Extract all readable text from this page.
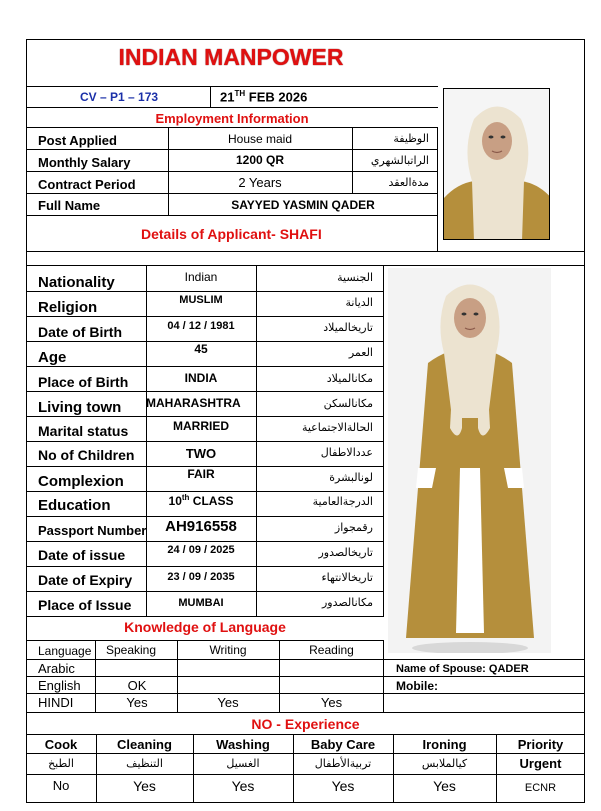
INDIAN MANPOWER
CV – P1 – 173	21TH FEB 2026
Employment Information
Post Applied	House maid	الوظيفة
Monthly Salary	1200 QR	الراتبالشهري
Contract Period	2 Years	مدةالعقد
Full Name	SAYYED YASMIN QADER
Details of Applicant- SHAFI
Nationality	Indian	الجنسية
Religion	MUSLIM	الديانة
Date of Birth	04 / 12 / 1981	تاريخالميلاد
Age	45	العمر
Place of Birth	INDIA	مكانالميلاد
Living town MAHARASHTRA	مكانالسكن
Marital status	MARRIED	الحالةالاجتماعية
No of Children	TWO	عددالاطفال
Complexion	FAIR	لونالبشرة
Education	10th CLASS	الدرجةالعامية
Passport Number	AH916558	رقمجواز
Date of issue	24 / 09 / 2025	تاريخالصدور
Date of Expiry	23 / 09 / 2035	تاريخالانتهاء
Place of Issue	MUMBAI	مكانالصدور
Knowledge of Language
Language	Speaking	Writing	Reading
Arabic
English	OK
HINDI	Yes	Yes	Yes
Name of Spouse: QADER
Mobile:
NO - Experience
Cook	Cleaning	Washing	Baby Care	Ironing	Priority
الطبخ	التنظيف	الغسيل	تربيةالأطفال	كيالملابس	Urgent
No	Yes	Yes	Yes	Yes	ECNR
